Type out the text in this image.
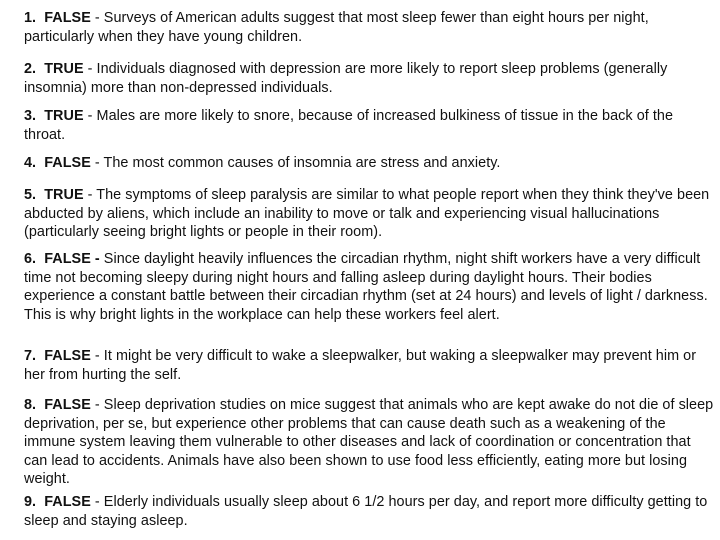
1. FALSE - Surveys of American adults suggest that most sleep fewer than eight hours per night, particularly when they have young children.
2. TRUE - Individuals diagnosed with depression are more likely to report sleep problems (generally insomnia) more than non-depressed individuals.
3. TRUE - Males are more likely to snore, because of increased bulkiness of tissue in the back of the throat.
4. FALSE - The most common causes of insomnia are stress and anxiety.
5. TRUE - The symptoms of sleep paralysis are similar to what people report when they think they've been abducted by aliens, which include an inability to move or talk and experiencing visual hallucinations (particularly seeing bright lights or people in their room).
6. FALSE - Since daylight heavily influences the circadian rhythm, night shift workers have a very difficult time not becoming sleepy during night hours and falling asleep during daylight hours. Their bodies experience a constant battle between their circadian rhythm (set at 24 hours) and levels of light / darkness. This is why bright lights in the workplace can help these workers feel alert.
7. FALSE - It might be very difficult to wake a sleepwalker, but waking a sleepwalker may prevent him or her from hurting the self.
8. FALSE - Sleep deprivation studies on mice suggest that animals who are kept awake do not die of sleep deprivation, per se, but experience other problems that can cause death such as a weakening of the immune system leaving them vulnerable to other diseases and lack of coordination or concentration that can lead to accidents. Animals have also been shown to use food less efficiently, eating more but losing weight.
9. FALSE - Elderly individuals usually sleep about 6 1/2 hours per day, and report more difficulty getting to sleep and staying asleep.
